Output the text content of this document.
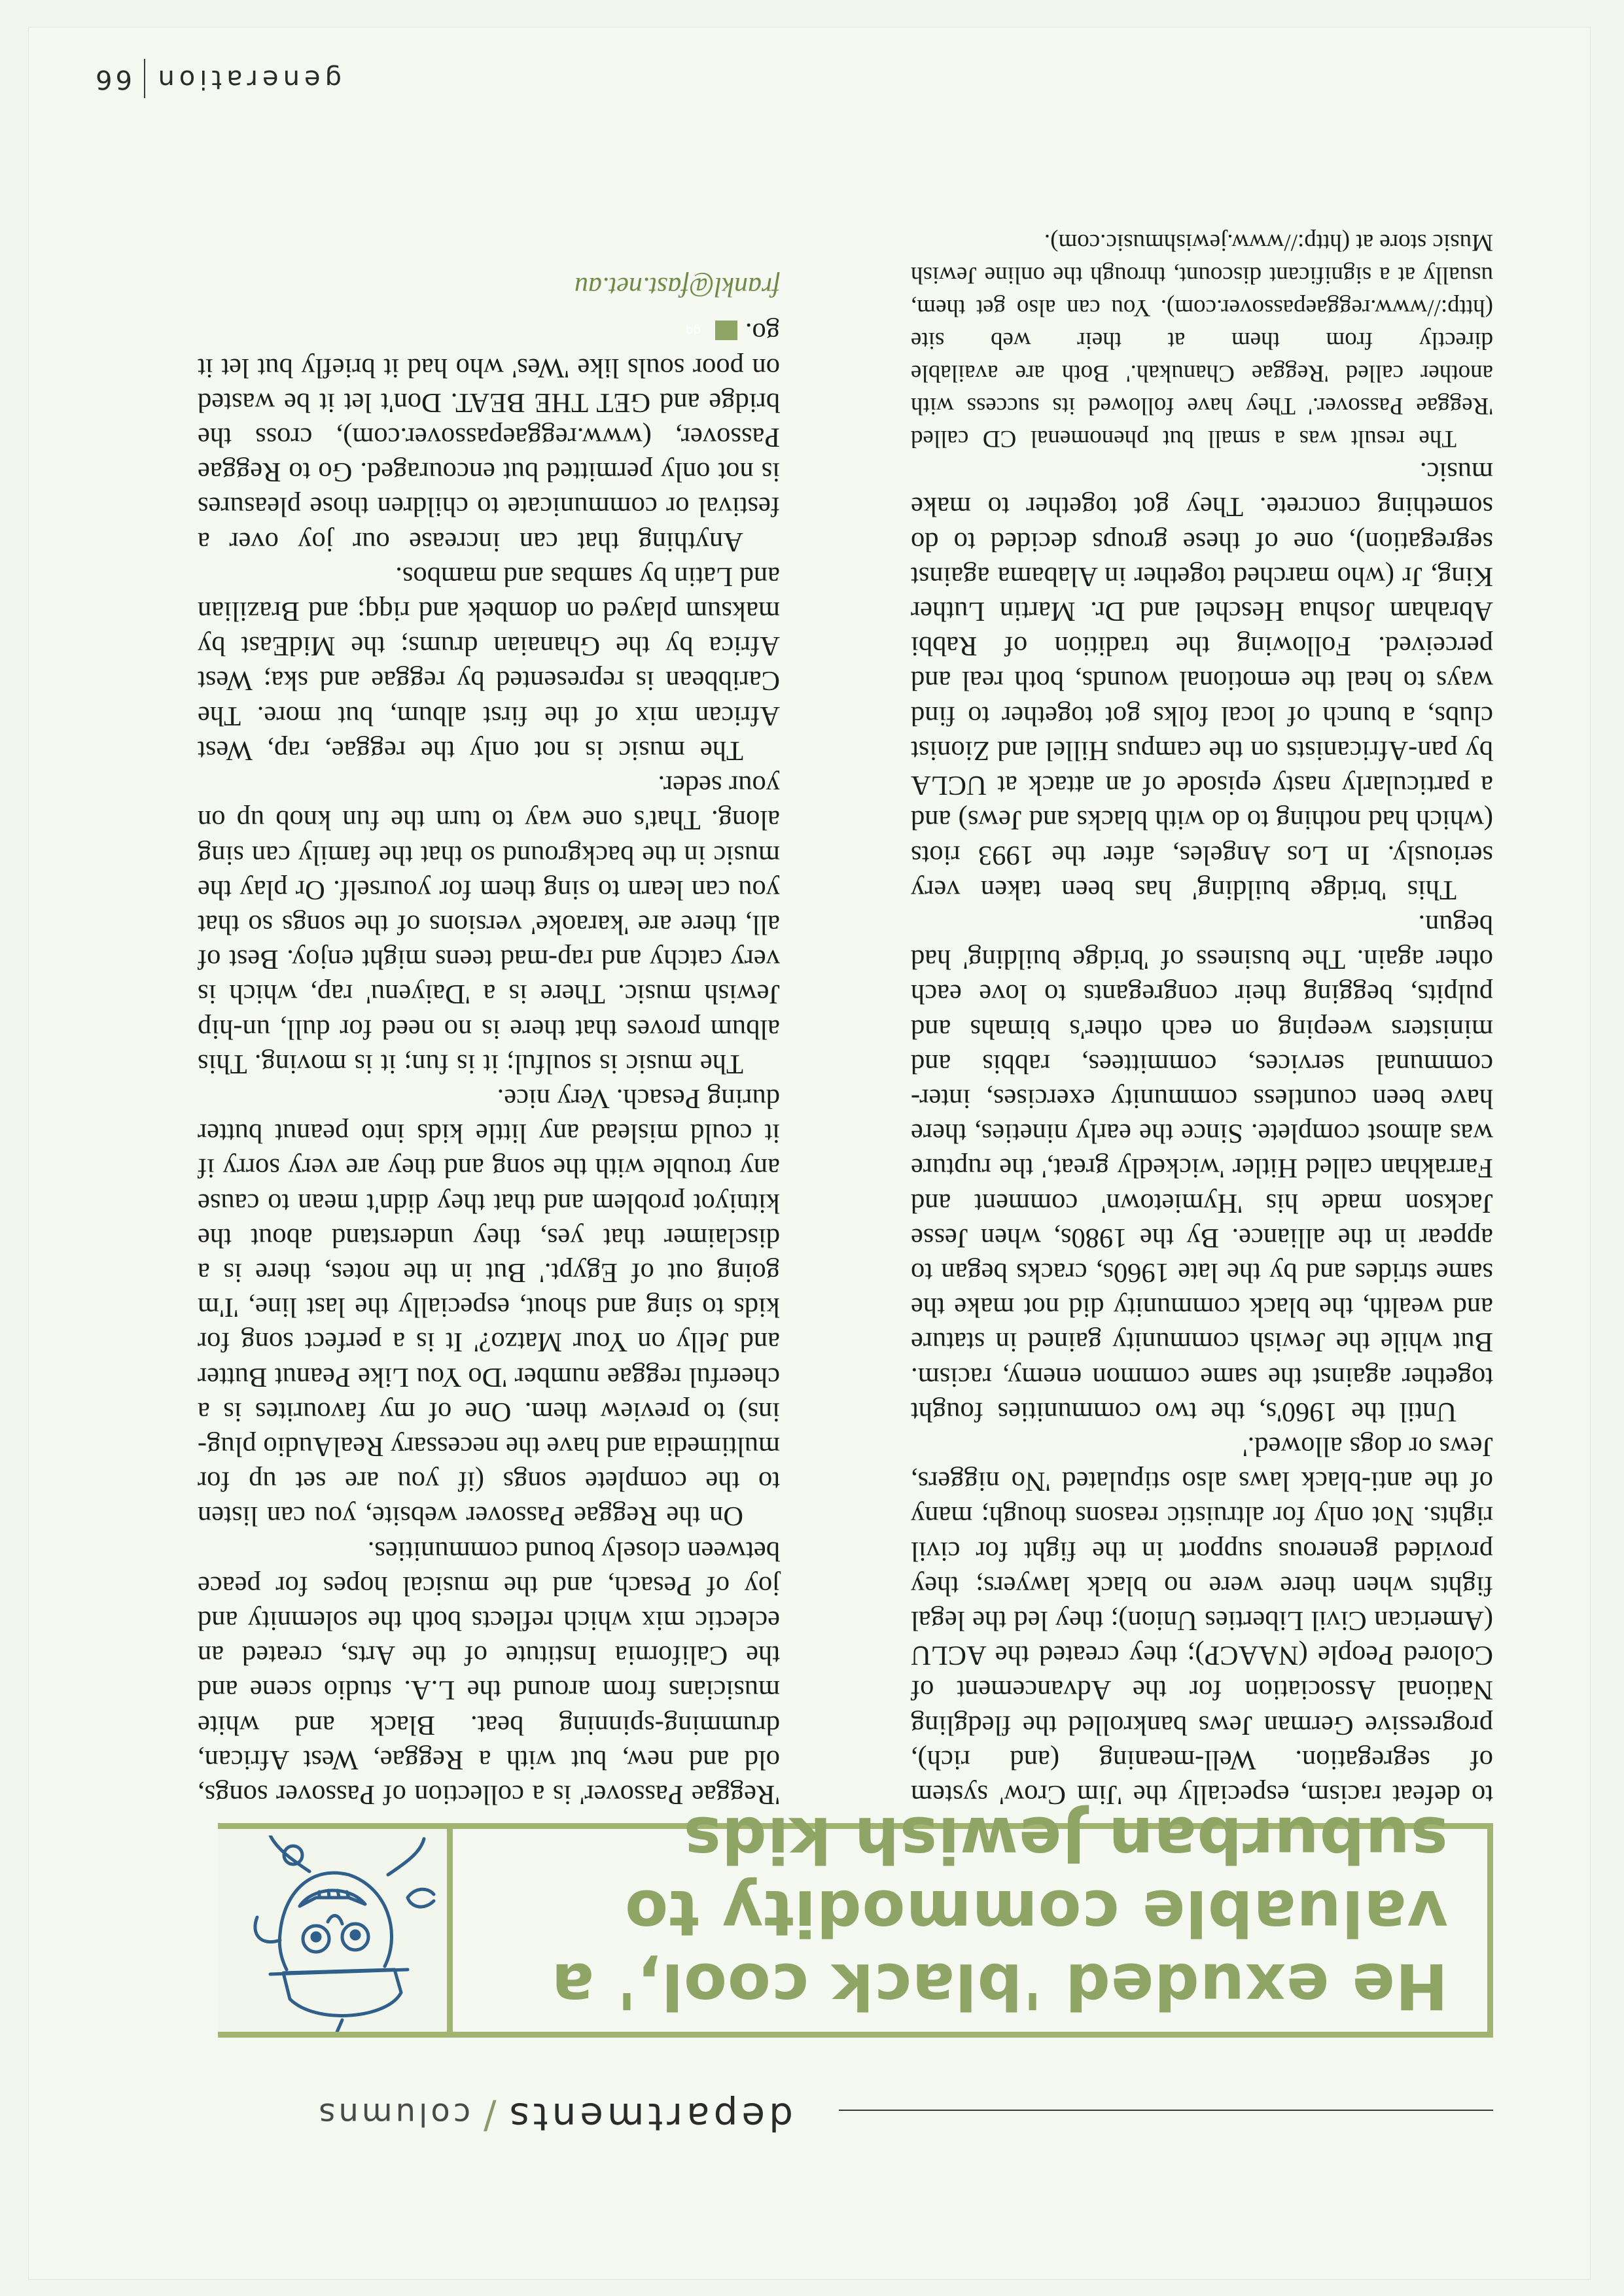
departments/columns
He exuded 'black cool,' a valuable commodity to suburban Jewish kids

to defeat racism, especially the 'Jim Crow' system of segregation. Well-meaning (and rich), progressive German Jews bankrolled the fledgling National Association for the Advancement of Colored People (NAACP); they created the ACLU (American Civil Liberties Union); they led the legal fights when there were no black lawyers; they provided generous support in the fight for civil rights. Not only for altruistic reasons though; many of the anti-black laws also stipulated 'No niggers, Jews or dogs allowed.'

Until the 1960's, the two communities fought together against the same common enemy, racism. But while the Jewish community gained in stature and wealth, the black community did not make the same strides and by the late 1960s, cracks began to appear in the alliance. By the 1980s, when Jesse Jackson made his 'Hymietown' comment and Farrakhan called Hitler 'wickedly great,' the rupture was almost complete. Since the early nineties, there have been countless community exercises, inter-communal services, committees, rabbis and ministers weeping on each other's bimahs and pulpits, begging their congregants to love each other again. The business of 'bridge building' had begun.

This 'bridge building' has been taken very seriously. In Los Angeles, after the 1993 riots (which had nothing to do with blacks and Jews) and a particularly nasty episode of an attack at UCLA by pan-Africanists on the campus Hillel and Zionist clubs, a bunch of local folks got together to find ways to heal the emotional wounds, both real and perceived. Following the tradition of Rabbi Abraham Joshua Heschel and Dr. Martin Luther King, Jr (who marched together in Alabama against segregation), one of these groups decided to do something concrete. They got together to make music.

The result was a small but phenomenal CD called 'Reggae Passover.' They have followed its success with another called 'Reggae Chanukah.' Both are available directly from them at their web site (http://www.reggaepassover.com). You can also get them, usually at a significant discount, through the online Jewish Music store at (http://www.jewishmusic.com).

'Reggae Passover' is a collection of Passover songs, old and new, but with a Reggae, West African, drumming-spinning beat. Black and white musicians from around the L.A. studio scene and the California Institute of the Arts, created an eclectic mix which reflects both the solemnity and joy of Pesach, and the musical hopes for peace between closely bound communities.

On the Reggae Passover website, you can listen to the complete songs (if you are set up for multimedia and have the necessary RealAudio plug-ins) to preview them. One of my favourites is a cheerful reggae number 'Do You Like Peanut Butter and Jelly on Your Matzo?' It is a perfect song for kids to sing and shout, especially the last line, 'I'm going out of Egypt.' But in the notes, there is a disclaimer that yes, they understand about the kitniyot problem and that they didn't mean to cause any trouble with the song and they are very sorry if it could mislead any little kids into peanut butter during Pesach. Very nice.

The music is soulful; it is fun; it is moving. This album proves that there is no need for dull, un-hip Jewish music. There is a 'Daiyenu' rap, which is very catchy and rap-mad teens might enjoy. Best of all, there are 'karaoke' versions of the songs so that you can learn to sing them for yourself. Or play the music in the background so that the family can sing along. That's one way to turn the fun knob up on your seder.

The music is not only the reggae, rap, West African mix of the first album, but more. The Caribbean is represented by reggae and ska; West Africa by the Ghanaian drums; the MidEast by maksum played on dombek and riqq; and Brazilian and Latin by sambas and mambos.

Anything that can increase our joy over a festival or communicate to children those pleasures is not only permitted but encouraged. Go to Reggae Passover, (www.reggaepassover.com), cross the bridge and GET THE BEAT. Don't let it be wasted on poor souls like 'Wes' who had it briefly but let it go.gq

frankl@fast.net.au
generation
66
